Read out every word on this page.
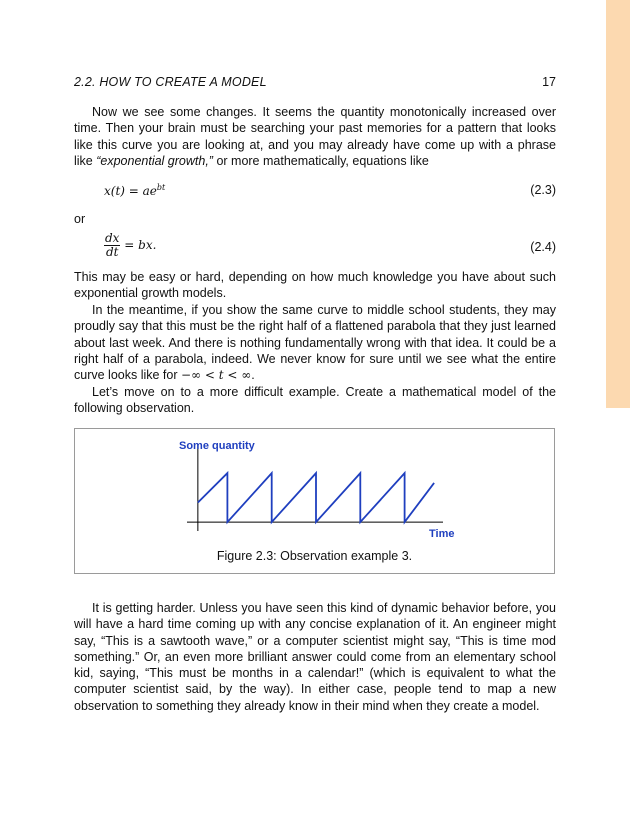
2.2. HOW TO CREATE A MODEL	17
Now we see some changes. It seems the quantity monotonically increased over time. Then your brain must be searching your past memories for a pattern that looks like this curve you are looking at, and you may already have come up with a phrase like “exponential growth,” or more mathematically, equations like
$x(t) = ae^{bt}$	(2.3)
or
$\frac{dx}{dt}$ = bx.	(2.4)
This may be easy or hard, depending on how much knowledge you have about such exponential growth models.
In the meantime, if you show the same curve to middle school students, they may proudly say that this must be the right half of a flattened parabola that they just learned about last week. And there is nothing fundamentally wrong with that idea. It could be a right half of a parabola, indeed. We never know for sure until we see what the entire curve looks like for −∞ < t < ∞.
Let’s move on to a more difficult example. Create a mathematical model of the following observation.
Some quantity
Time
Figure 2.3: Observation example 3.
It is getting harder. Unless you have seen this kind of dynamic behavior before, you will have a hard time coming up with any concise explanation of it. An engineer might say, “This is a sawtooth wave,” or a computer scientist might say, “This is time mod something.” Or, an even more brilliant answer could come from an elementary school kid, saying, “This must be months in a calendar!” (which is equivalent to what the computer scientist said, by the way). In either case, people tend to map a new observation to something they already know in their mind when they create a model.
